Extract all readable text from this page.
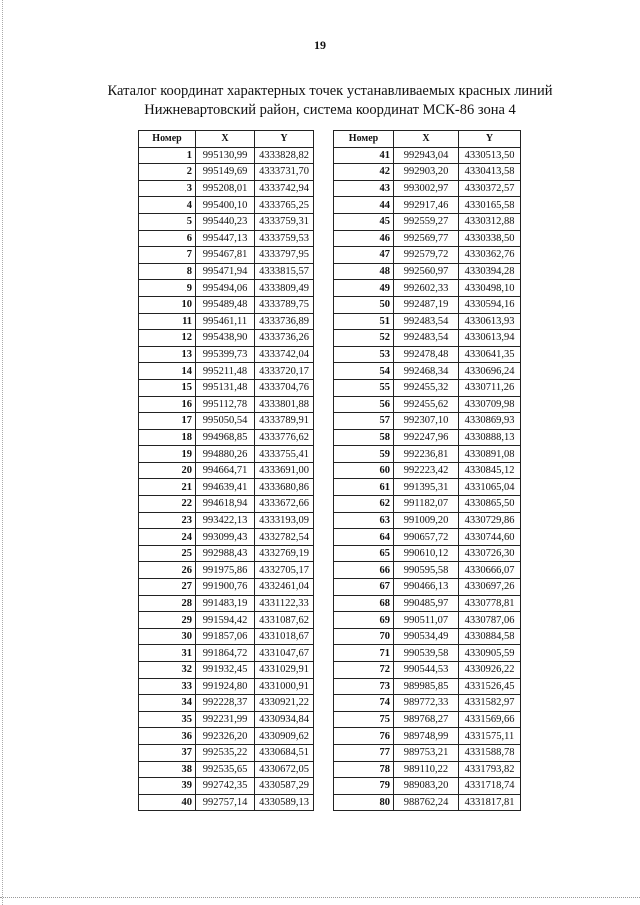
19
Каталог координат характерных точек устанавливаемых красных линий
Нижневартовский район, система координат МСК-86 зона 4
Номер	X	Y
1	995130,99	4333828,82
2	995149,69	4333731,70
3	995208,01	4333742,94
4	995400,10	4333765,25
5	995440,23	4333759,31
6	995447,13	4333759,53
7	995467,81	4333797,95
8	995471,94	4333815,57
9	995494,06	4333809,49
10	995489,48	4333789,75
11	995461,11	4333736,89
12	995438,90	4333736,26
13	995399,73	4333742,04
14	995211,48	4333720,17
15	995131,48	4333704,76
16	995112,78	4333801,88
17	995050,54	4333789,91
18	994968,85	4333776,62
19	994880,26	4333755,41
20	994664,71	4333691,00
21	994639,41	4333680,86
22	994618,94	4333672,66
23	993422,13	4333193,09
24	993099,43	4332782,54
25	992988,43	4332769,19
26	991975,86	4332705,17
27	991900,76	4332461,04
28	991483,19	4331122,33
29	991594,42	4331087,62
30	991857,06	4331018,67
31	991864,72	4331047,67
32	991932,45	4331029,91
33	991924,80	4331000,91
34	992228,37	4330921,22
35	992231,99	4330934,84
36	992326,20	4330909,62
37	992535,22	4330684,51
38	992535,65	4330672,05
39	992742,35	4330587,29
40	992757,14	4330589,13
Номер	X	Y
41	992943,04	4330513,50
42	992903,20	4330413,58
43	993002,97	4330372,57
44	992917,46	4330165,58
45	992559,27	4330312,88
46	992569,77	4330338,50
47	992579,72	4330362,76
48	992560,97	4330394,28
49	992602,33	4330498,10
50	992487,19	4330594,16
51	992483,54	4330613,93
52	992483,54	4330613,94
53	992478,48	4330641,35
54	992468,34	4330696,24
55	992455,32	4330711,26
56	992455,62	4330709,98
57	992307,10	4330869,93
58	992247,96	4330888,13
59	992236,81	4330891,08
60	992223,42	4330845,12
61	991395,31	4331065,04
62	991182,07	4330865,50
63	991009,20	4330729,86
64	990657,72	4330744,60
65	990610,12	4330726,30
66	990595,58	4330666,07
67	990466,13	4330697,26
68	990485,97	4330778,81
69	990511,07	4330787,06
70	990534,49	4330884,58
71	990539,58	4330905,59
72	990544,53	4330926,22
73	989985,85	4331526,45
74	989772,33	4331582,97
75	989768,27	4331569,66
76	989748,99	4331575,11
77	989753,21	4331588,78
78	989110,22	4331793,82
79	989083,20	4331718,74
80	988762,24	4331817,81
